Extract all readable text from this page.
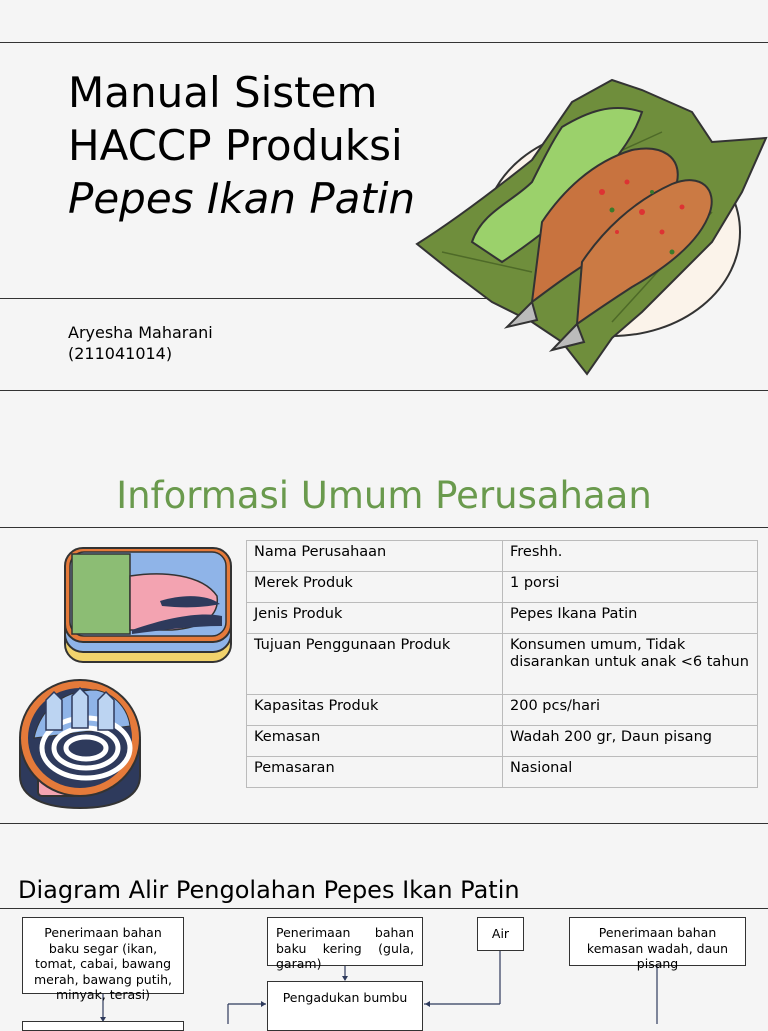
Manual Sistem
HACCP Produksi
Pepes Ikan Patin
Aryesha Maharani
(211041014)
Informasi Umum Perusahaan
Nama Perusahaan	Freshh.
Merek Produk	1 porsi
Jenis Produk	Pepes Ikana Patin
Tujuan Penggunaan Produk	Konsumen umum, Tidak disarankan untuk anak <6 tahun
Kapasitas Produk	200 pcs/hari
Kemasan	Wadah 200 gr, Daun pisang
Pemasaran	Nasional
Diagram Alir Pengolahan Pepes Ikan Patin
Penerimaan bahan baku segar (ikan, tomat, cabai, bawang merah, bawang putih, minyak, terasi)
Penerimaan bahan baku kering (gula, garam)
Air	Penerimaan bahan kemasan wadah, daun pisang
Pengadukan bumbu
